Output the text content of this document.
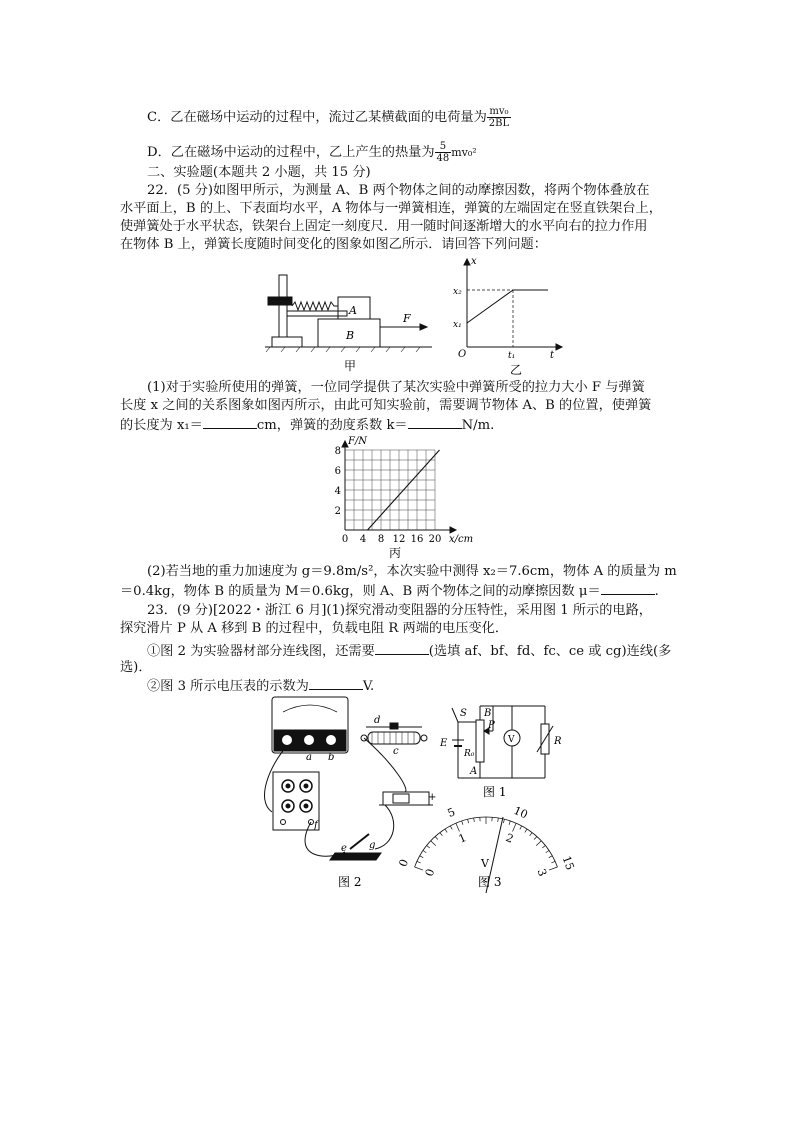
C．乙在磁场中运动的过程中，流过乙某横截面的电荷量为 $\frac{\text{mv₀}}{2BL}$
D．乙在磁场中运动的过程中，乙上产生的热量为 $\frac{5}{48} mv_0^2$
二、实验题(本题共 2 小题，共 15 分)
22．(5 分)如图甲所示，为测量 A、B 两个物体之间的动摩擦因数，将两个物体叠放在
水平面上，B 的上、下表面均水平，A 物体与一弹簧相连，弹簧的左端固定在竖直铁架台上，
使弹簧处于水平状态，铁架台上固定一刻度尺．用一随时间逐渐增大的水平向右的拉力作用
在物体 B 上，弹簧长度随时间变化的图象如图乙所示．请回答下列问题：
A
B
F
甲
x
t
O
x₂
x₁
t₁
乙
(1)对于实验所使用的弹簧，一位同学提供了某次实验中弹簧所受的拉力大小 F 与弹簧
长度 x 之间的关系图象如图丙所示，由此可知实验前，需要调节物体 A、B 的位置，使弹簧
的长度为 x₁＝	cm，弹簧的劲度系数 k＝	N/m.
0 4 8 12 16 20
2
4
6
8
F/N
x/cm
丙
(2)若当地的重力加速度为 g＝9.8m/s²，本次实验中测得 x₂＝7.6cm，物体 A 的质量为 m
＝0.4kg，物体 B 的质量为 M＝0.6kg，则 A、B 两个物体之间的动摩擦因数 μ＝	.
23．(9 分)[2022・浙江 6 月](1)探究滑动变阻器的分压特性，采用图 1 所示的电路，
探究滑片 P 从 A 移到 B 的过程中，负载电阻 R 两端的电压变化．
①图 2 为实验器材部分连线图，还需要	(选填 af、bf、fd、fc、ce 或 cg)连线(多
选)．
②图 3 所示电压表的示数为	V.
d
c
a b
f
e g
+
图 2
S B
E
R₀
P
V	R
A
图 1
0
5	10
15
0
1	2
3
V
图 3
